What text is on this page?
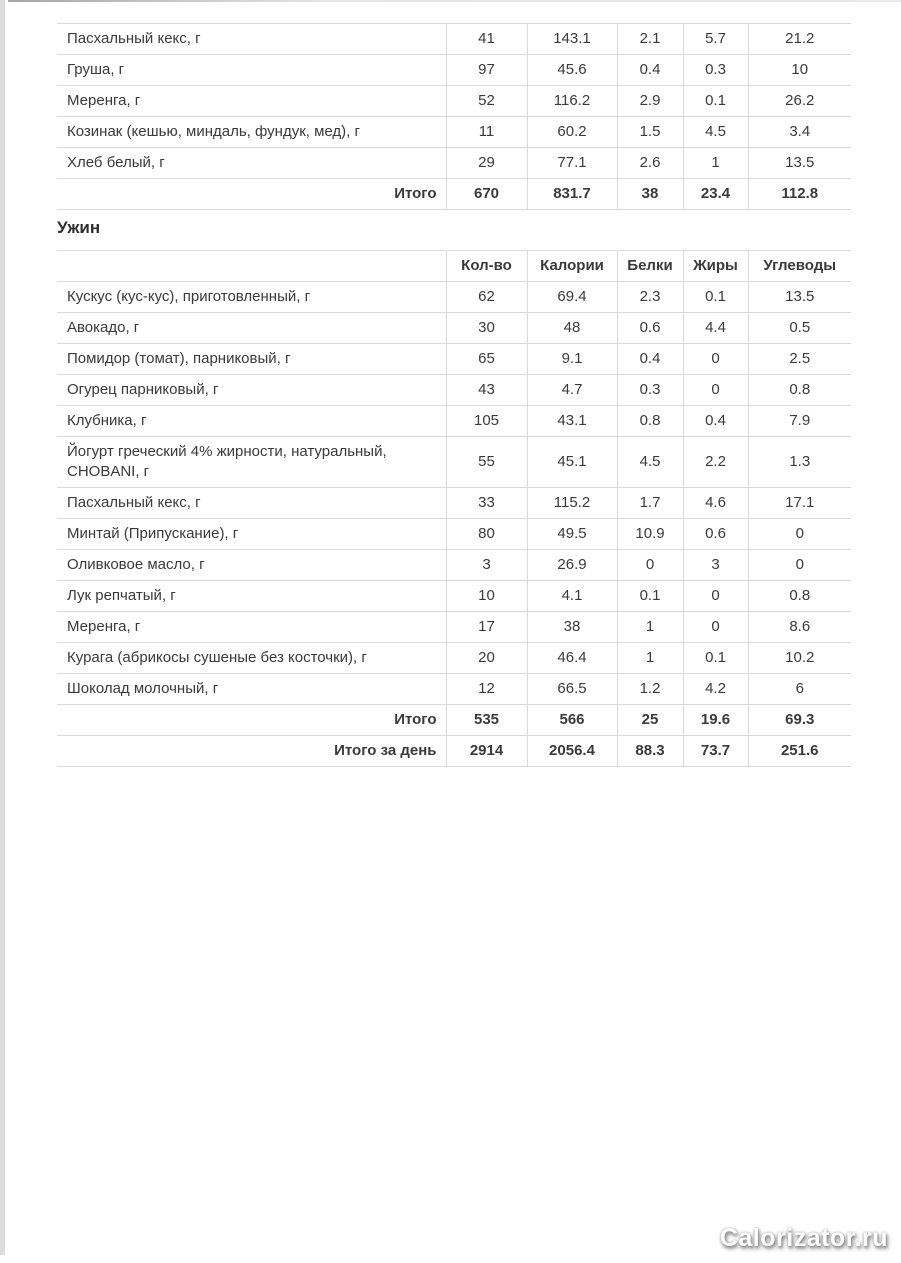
Пасхальный кекс, г	41	143.1	2.1	5.7	21.2
Груша, г	97	45.6	0.4	0.3	10
Меренга, г	52	116.2	2.9	0.1	26.2
Козинак (кешью, миндаль, фундук, мед), г	11	60.2	1.5	4.5	3.4
Хлеб белый, г	29	77.1	2.6	1	13.5
Итого	670	831.7	38	23.4	112.8
Ужин
	Кол-во	Калории	Белки	Жиры	Углеводы
Кускус (кус-кус), приготовленный, г	62	69.4	2.3	0.1	13.5
Авокадо, г	30	48	0.6	4.4	0.5
Помидор (томат), парниковый, г	65	9.1	0.4	0	2.5
Огурец парниковый, г	43	4.7	0.3	0	0.8
Клубника, г	105	43.1	0.8	0.4	7.9
Йогурт греческий 4% жирности, натуральный, CHOBANI, г	55	45.1	4.5	2.2	1.3
Пасхальный кекс, г	33	115.2	1.7	4.6	17.1
Минтай (Припускание), г	80	49.5	10.9	0.6	0
Оливковое масло, г	3	26.9	0	3	0
Лук репчатый, г	10	4.1	0.1	0	0.8
Меренга, г	17	38	1	0	8.6
Курага (абрикосы сушеные без косточки), г	20	46.4	1	0.1	10.2
Шоколад молочный, г	12	66.5	1.2	4.2	6
Итого	535	566	25	19.6	69.3
Итого за день	2914	2056.4	88.3	73.7	251.6
Calorizator.ru
